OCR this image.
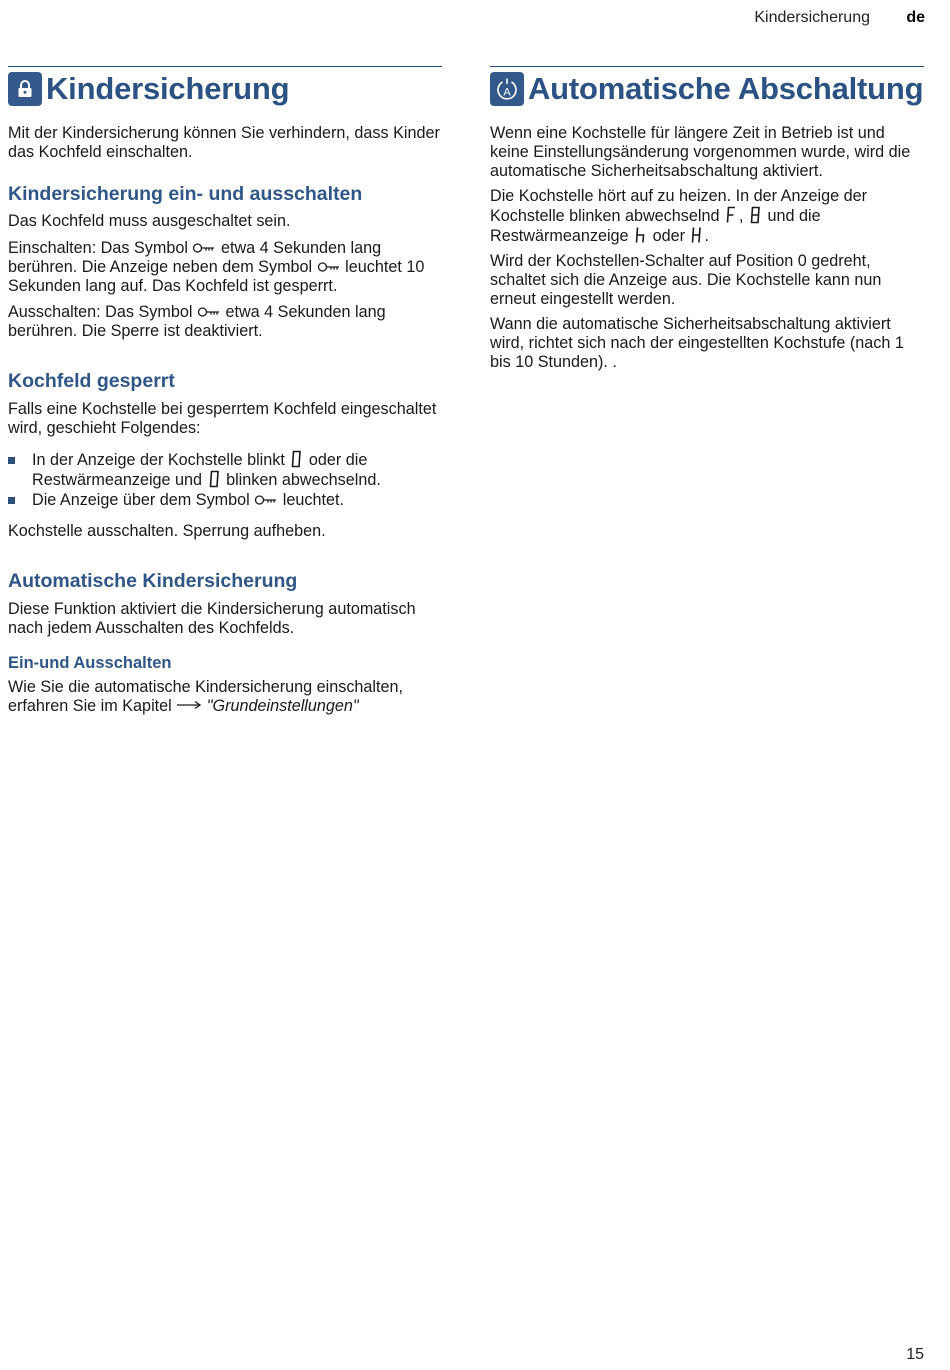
Kindersicherung de
Kindersicherung

Mit der Kindersicherung können Sie verhindern, dass Kinder das Kochfeld einschalten.

Kindersicherung ein- und ausschalten

Das Kochfeld muss ausgeschaltet sein.

Einschalten: Das Symbol etwa 4 Sekunden lang berühren. Die Anzeige neben dem Symbol leuchtet 10 Sekunden lang auf. Das Kochfeld ist gesperrt.

Ausschalten: Das Symbol etwa 4 Sekunden lang berühren. Die Sperre ist deaktiviert.

Kochfeld gesperrt

Falls eine Kochstelle bei gesperrtem Kochfeld eingeschaltet wird, geschieht Folgendes:

In der Anzeige der Kochstelle blinkt oder die Restwärmeanzeige und blinken abwechselnd.
Die Anzeige über dem Symbol leuchtet.

Kochstelle ausschalten. Sperrung aufheben.

Automatische Kindersicherung

Diese Funktion aktiviert die Kindersicherung automatisch nach jedem Ausschalten des Kochfelds.

Ein-und Ausschalten

Wie Sie die automatische Kindersicherung einschalten, erfahren Sie im Kapitel "Grundeinstellungen"

A Automatische Abschaltung

Wenn eine Kochstelle für längere Zeit in Betrieb ist und keine Einstellungsänderung vorgenommen wurde, wird die automatische Sicherheitsabschaltung aktiviert.

Die Kochstelle hört auf zu heizen. In der Anzeige der Kochstelle blinken abwechselnd , und die Restwärmeanzeige oder .

Wird der Kochstellen-Schalter auf Position 0 gedreht, schaltet sich die Anzeige aus. Die Kochstelle kann nun erneut eingestellt werden.

Wann die automatische Sicherheitsabschaltung aktiviert wird, richtet sich nach der eingestellten Kochstufe (nach 1 bis 10 Stunden). .

15
